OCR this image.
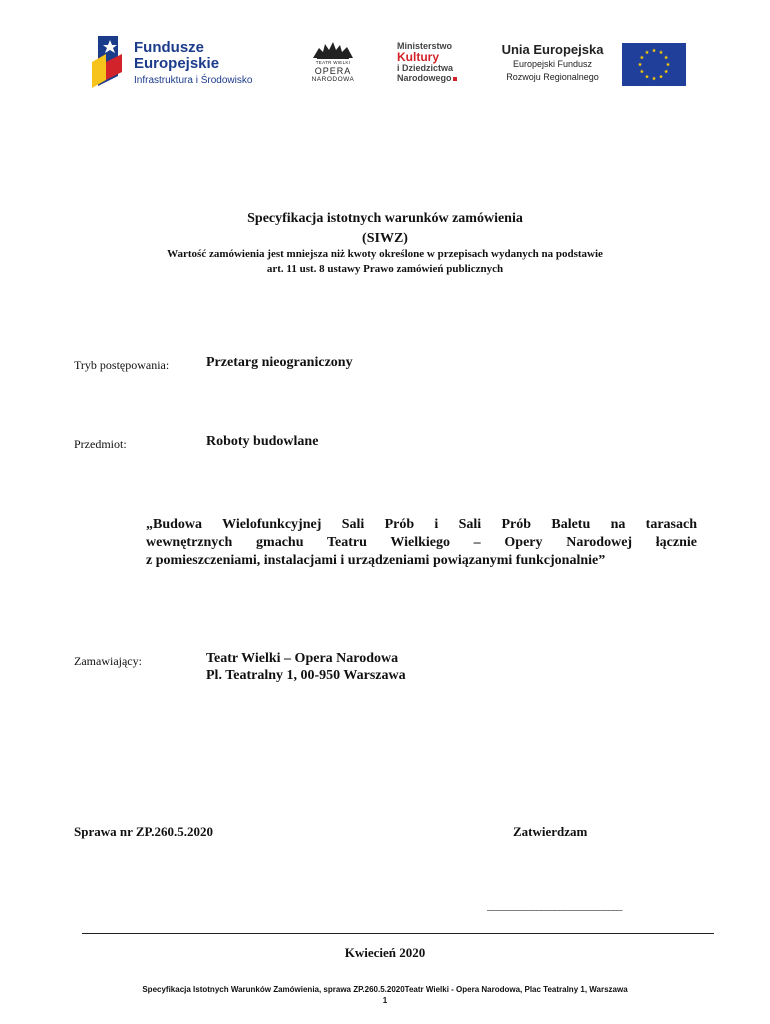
Fundusze
Europejskie
Infrastruktura i Środowisko
TEATR WIELKI
OPERA
NARODOWA
Ministerstwo
Kultury
i Dziedzictwa
Narodowego
Unia Europejska
Europejski Fundusz
Rozwoju Regionalnego
Specyfikacja istotnych warunków zamówienia
(SIWZ)
Wartość zamówienia jest mniejsza niż kwoty określone w przepisach wydanych na podstawie
art. 11 ust. 8 ustawy Prawo zamówień publicznych
Tryb postępowania:	Przetarg nieograniczony
Przedmiot:	Roboty budowlane
„Budowa Wielofunkcyjnej Sali Prób i Sali Prób Baletu na tarasach
wewnętrznych gmachu Teatru Wielkiego – Opery Narodowej łącznie
z pomieszczeniami, instalacjami i urządzeniami powiązanymi funkcjonalnie”
Zamawiający:	Teatr Wielki – Opera Narodowa
Pl. Teatralny 1, 00-950 Warszawa
Sprawa nr ZP.260.5.2020	Zatwierdzam
______________________________
Kwiecień 2020
Specyfikacja Istotnych Warunków Zamówienia, sprawa ZP.260.5.2020Teatr Wielki - Opera Narodowa, Plac Teatralny 1, Warszawa
1
